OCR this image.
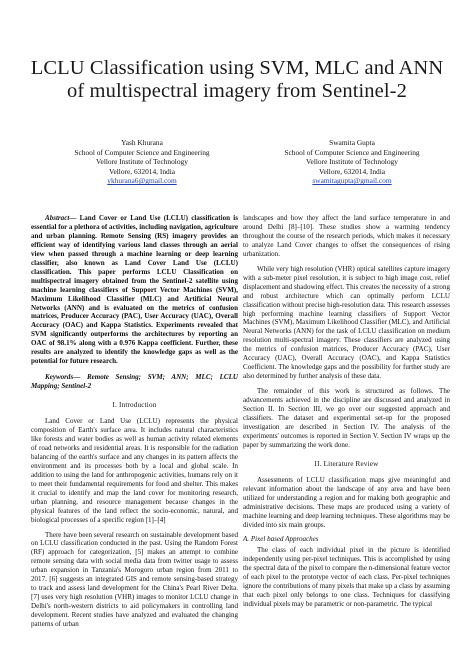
LCLU Classification using SVM, MLC and ANN of multispectral imagery from Sentinel-2
Yash Khurana
School of Computer Science and Engineering
Vellore Institute of Technology
Vellore, 632014, India
ykhurana6@gmail.com
Swamita Gupta
School of Computer Science and Engineering
Vellore Institute of Technology
Vellore, 632014, India
swamitagupta@gmail.com

Abstract— Land Cover or Land Use (LCLU) classification is essential for a plethora of activities, including navigation, agriculture and urban planning. Remote Sensing (RS) imagery provides an efficient way of identifying various land classes through an aerial view when passed through a machine learning or deep learning classifier, also known as Land Cover Land Use (LCLU) classification. This paper performs LCLU Classification on multispectral imagery obtained from the Sentinel-2 satellite using machine learning classifiers of Support Vector Machines (SVM), Maximum Likelihood Classifier (MLC) and Artificial Neural Networks (ANN) and is evaluated on the metrics of confusion matrices, Producer Accuracy (PAC), User Accuracy (UAC), Overall Accuracy (OAC) and Kappa Statistics. Experiments revealed that SVM significantly outperforms the architectures by reporting an OAC of 98.1% along with a 0.976 Kappa coefficient. Further, these results are analyzed to identify the knowledge gaps as well as the potential for future research.

Keywords— Remote Sensing; SVM; ANN; MLC; LCLU Mapping; Sentinel-2

I. Introduction

Land Cover or Land Use (LCLU) represents the physical composition of Earth's surface area. It includes natural characteristics like forests and water bodies as well as human activity related elements of road networks and residential areas. It is responsible for the radiation balancing of the earth's surface and any changes in its pattern affects the environment and its processes both by a local and global scale. In addition to using the land for anthropogenic activities, humans rely on it to meet their fundamental requirements for food and shelter. This makes it crucial to identify and map the land cover for monitoring research, urban planning, and resource management because changes in the physical features of the land reflect the socio-economic, natural, and biological processes of a specific region [1]–[4]

There have been several research on sustainable development based on LCLU classification conducted in the past. Using the Random Forest (RF) approach for categorization, [5] makes an attempt to combine remote sensing data with social media data from twitter usage to assess urban expansion in Tanzania's Morogoro urban region from 2011 to 2017. [6] suggests an integrated GIS and remote sensing-based strategy to track and assess land development for the China's Pearl River Delta. [7] uses very high resolution (VHR) images to monitor LCLU change in Delhi's north-western districts to aid policymakers in controlling land development. Recent studies have analyzed and evaluated the changing patterns of urban

landscapes and how they affect the land surface temperature in and around Delhi [8]–[10]. These studies show a warming tendency throughout the course of the research periods, which makes it necessary to analyze Land Cover changes to offset the consequences of rising urbanization.

While very high resolution (VHR) optical satellites capture imagery with a sub-meter pixel resolution, it is subject to high image cost, relief displacement and shadowing effect. This creates the necessity of a strong and robust architecture which can optimally perform LCLU classification without precise high-resolution data. This research assesses high performing machine learning classifiers of Support Vector Machines (SVM), Maximum Likelihood Classifier (MLC), and Artificial Neural Networks (ANN) for the task of LCLU classification on medium resolution multi-spectral imagery. These classifiers are analyzed using the metrics of confusion matrices, Producer Accuracy (PAC), User Accuracy (UAC), Overall Accuracy (OAC), and Kappa Statistics Coefficient. The knowledge gaps and the possibility for further study are also determined by further analysis of these data.

The remainder of this work is structured as follows. The advancements achieved in the discipline are discussed and analyzed in Section II. In Section III, we go over our suggested approach and classifiers. The dataset and experimental set-up for the proposed investigation are described in Section IV. The analysis of the experiments' outcomes is reported in Section V. Section IV wraps up the paper by summarizing the work done.

II. Literature Review

Assessments of LCLU classification maps give meaningful and relevant information about the landscape of any area and have been utilized for understanding a region and for making both geographic and administrative decisions. These maps are produced using a variety of machine learning and deep learning techniques. These algorithms may be divided into six main groups.

A. Pixel based Approaches

The class of each individual pixel in the picture is identified independently using per-pixel techniques. This is accomplished by using the spectral data of the pixel to compare the n-dimensional feature vector of each pixel to the prototype vector of each class. Per-pixel techniques ignore the contributions of many pixels that make up a class by assuming that each pixel only belongs to one class. Techniques for classifying individual pixels may be parametric or non-parametric. The typical
